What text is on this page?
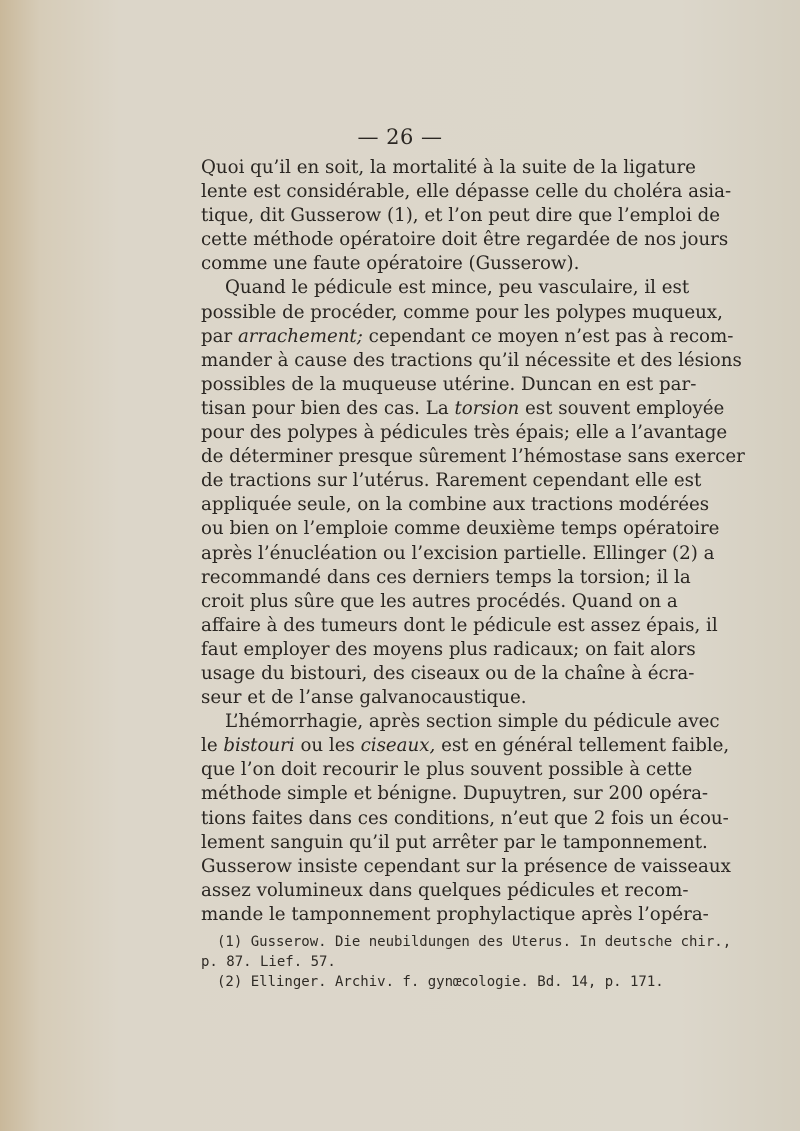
— 26 —
Quoi qu’il en soit, la mortalité à la suite de la ligature
lente est considérable, elle dépasse celle du choléra asia-
tique, dit Gusserow (1), et l’on peut dire que l’emploi de
cette méthode opératoire doit être regardée de nos jours
comme une faute opératoire (Gusserow).
Quand le pédicule est mince, peu vasculaire, il est
possible de procéder, comme pour les polypes muqueux,
par arrachement; cependant ce moyen n’est pas à recom-
mander à cause des tractions qu’il nécessite et des lésions
possibles de la muqueuse utérine. Duncan en est par-
tisan pour bien des cas. La torsion est souvent employée
pour des polypes à pédicules très épais; elle a l’avantage
de déterminer presque sûrement l’hémostase sans exercer
de tractions sur l’utérus. Rarement cependant elle est
appliquée seule, on la combine aux tractions modérées
ou bien on l’emploie comme deuxième temps opératoire
après l’énucléation ou l’excision partielle. Ellinger (2) a
recommandé dans ces derniers temps la torsion; il la
croit plus sûre que les autres procédés. Quand on a
affaire à des tumeurs dont le pédicule est assez épais, il
faut employer des moyens plus radicaux; on fait alors
usage du bistouri, des ciseaux ou de la chaîne à écra-
seur et de l’anse galvanocaustique.
L’hémorrhagie, après section simple du pédicule avec
le bistouri ou les ciseaux, est en général tellement faible,
que l’on doit recourir le plus souvent possible à cette
méthode simple et bénigne. Dupuytren, sur 200 opéra-
tions faites dans ces conditions, n’eut que 2 fois un écou-
lement sanguin qu’il put arrêter par le tamponnement.
Gusserow insiste cependant sur la présence de vaisseaux
assez volumineux dans quelques pédicules et recom-
mande le tamponnement prophylactique après l’opéra-
(1) Gusserow. Die neubildungen des Uterus. In deutsche chir.,
p. 87. Lief. 57.
(2) Ellinger. Archiv. f. gynœcologie. Bd. 14, p. 171.
